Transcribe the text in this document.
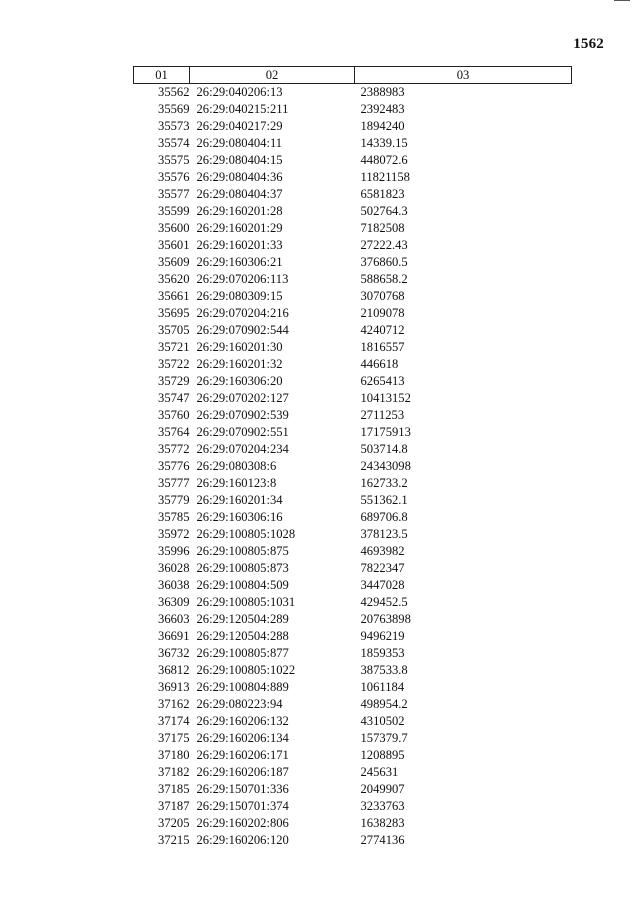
1562
01	02	03
35562	26:29:040206:13	2388983
35569	26:29:040215:211	2392483
35573	26:29:040217:29	1894240
35574	26:29:080404:11	14339.15
35575	26:29:080404:15	448072.6
35576	26:29:080404:36	11821158
35577	26:29:080404:37	6581823
35599	26:29:160201:28	502764.3
35600	26:29:160201:29	7182508
35601	26:29:160201:33	27222.43
35609	26:29:160306:21	376860.5
35620	26:29:070206:113	588658.2
35661	26:29:080309:15	3070768
35695	26:29:070204:216	2109078
35705	26:29:070902:544	4240712
35721	26:29:160201:30	1816557
35722	26:29:160201:32	446618
35729	26:29:160306:20	6265413
35747	26:29:070202:127	10413152
35760	26:29:070902:539	2711253
35764	26:29:070902:551	17175913
35772	26:29:070204:234	503714.8
35776	26:29:080308:6	24343098
35777	26:29:160123:8	162733.2
35779	26:29:160201:34	551362.1
35785	26:29:160306:16	689706.8
35972	26:29:100805:1028	378123.5
35996	26:29:100805:875	4693982
36028	26:29:100805:873	7822347
36038	26:29:100804:509	3447028
36309	26:29:100805:1031	429452.5
36603	26:29:120504:289	20763898
36691	26:29:120504:288	9496219
36732	26:29:100805:877	1859353
36812	26:29:100805:1022	387533.8
36913	26:29:100804:889	1061184
37162	26:29:080223:94	498954.2
37174	26:29:160206:132	4310502
37175	26:29:160206:134	157379.7
37180	26:29:160206:171	1208895
37182	26:29:160206:187	245631
37185	26:29:150701:336	2049907
37187	26:29:150701:374	3233763
37205	26:29:160202:806	1638283
37215	26:29:160206:120	2774136
